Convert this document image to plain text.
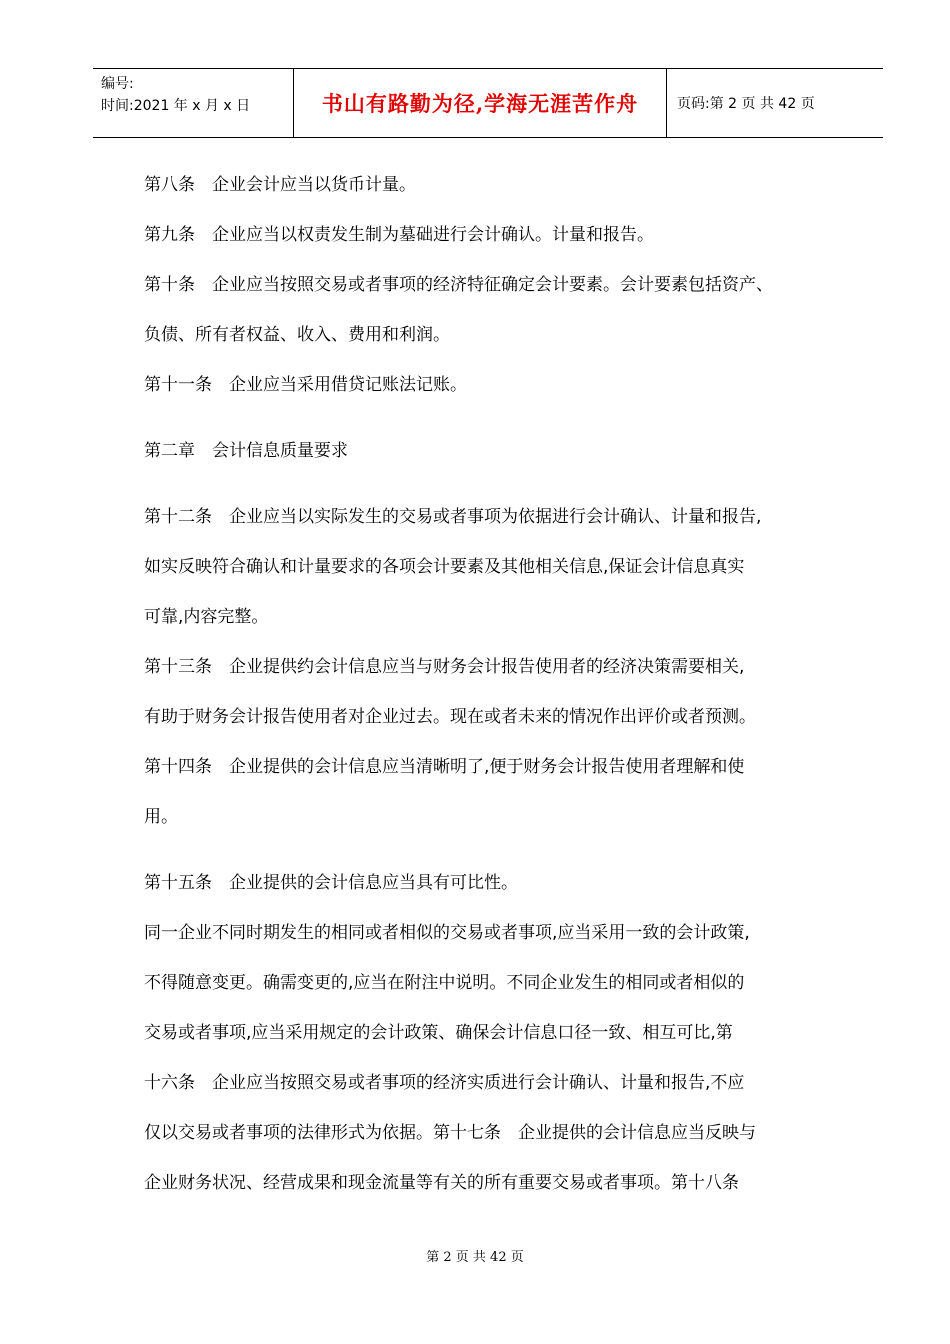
编号:
时间:2021 年 x 月 x 日	书山有路勤为径,学海无涯苦作舟	页码:第 2 页 共 42 页
第八条　企业会计应当以货币计量。
第九条　企业应当以权责发生制为墓础进行会计确认。计量和报告。
第十条　企业应当按照交易或者事项的经济特征确定会计要素。会计要素包括资产、
负债、所有者权益、收入、费用和利润。
第十一条　企业应当采用借贷记账法记账。
第二章　会计信息质量要求
第十二条　企业应当以实际发生的交易或者事项为依据进行会计确认、计量和报告,
如实反映符合确认和计量要求的各项会计要素及其他相关信息,保证会计信息真实
可靠,内容完整。
第十三条　企业提供约会计信息应当与财务会计报告使用者的经济决策需要相关,
有助于财务会计报告使用者对企业过去。现在或者未来的情况作出评价或者预测。
第十四条　企业提供的会计信息应当清晰明了,便于财务会计报告使用者理解和使
用。
第十五条　企业提供的会计信息应当具有可比性。
同一企业不同时期发生的相同或者相似的交易或者事项,应当采用一致的会计政策,
不得随意变更。确需变更的,应当在附注中说明。不同企业发生的相同或者相似的
交易或者事项,应当采用规定的会计政策、确保会计信息口径一致、相互可比,第
十六条　企业应当按照交易或者事项的经济实质进行会计确认、计量和报告,不应
仅以交易或者事项的法律形式为依据。第十七条　企业提供的会计信息应当反映与
企业财务状况、经营成果和现金流量等有关的所有重要交易或者事项。第十八条
第 2 页 共 42 页
